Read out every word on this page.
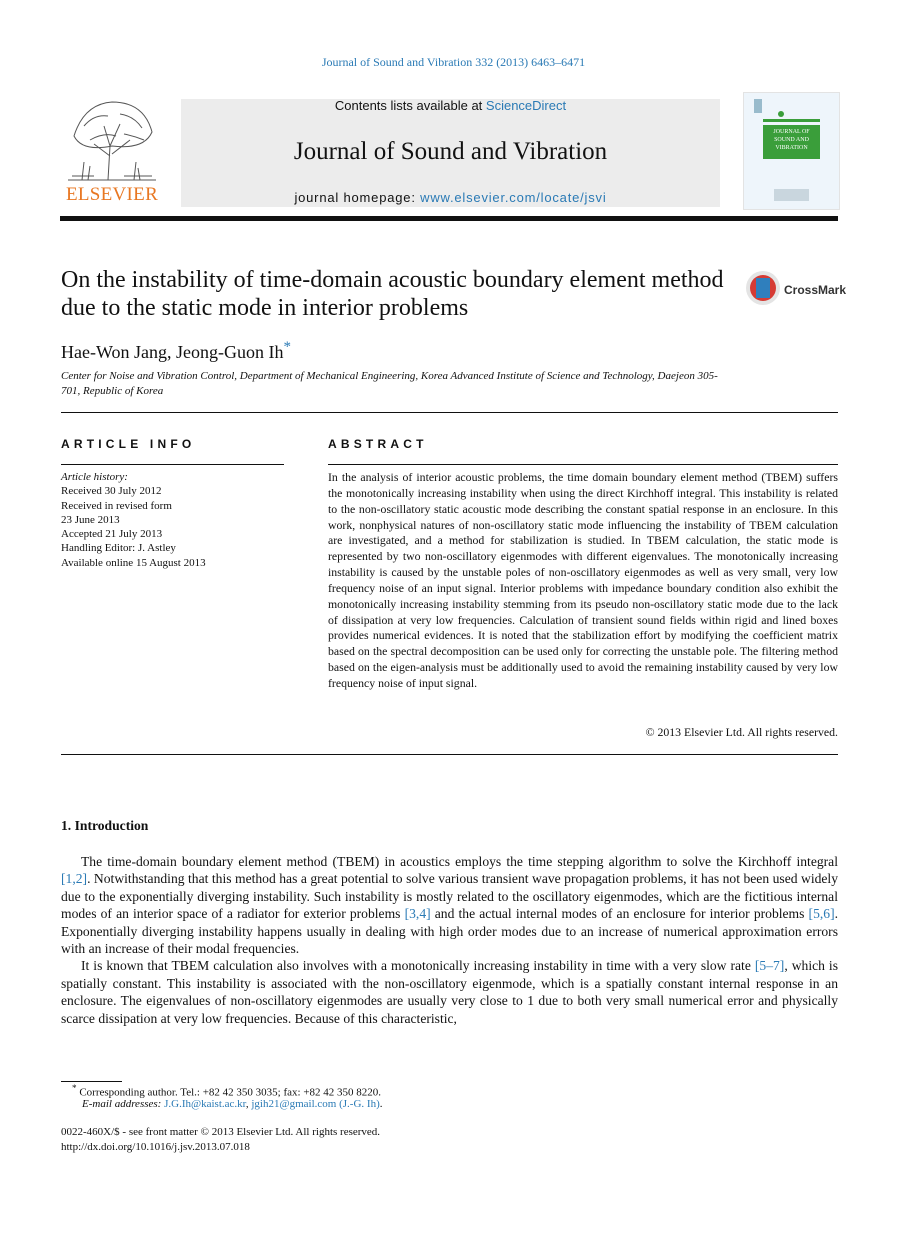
Journal of Sound and Vibration 332 (2013) 6463–6471
ELSEVIER
Contents lists available at ScienceDirect
Journal of Sound and Vibration
journal homepage: www.elsevier.com/locate/jsvi
JOURNAL OF SOUND AND VIBRATION
On the instability of time-domain acoustic boundary element method due to the static mode in interior problems
CrossMark
Hae-Won Jang, Jeong-Guon Ih*
Center for Noise and Vibration Control, Department of Mechanical Engineering, Korea Advanced Institute of Science and Technology, Daejeon 305-701, Republic of Korea
ARTICLE INFO
Article history:
Received 30 July 2012
Received in revised form
23 June 2013
Accepted 21 July 2013
Handling Editor: J. Astley
Available online 15 August 2013
ABSTRACT
In the analysis of interior acoustic problems, the time domain boundary element method (TBEM) suffers the monotonically increasing instability when using the direct Kirchhoff integral. This instability is related to the non-oscillatory static acoustic mode describing the constant spatial response in an enclosure. In this work, nonphysical natures of non-oscillatory static mode influencing the instability of TBEM calculation are investigated, and a method for stabilization is studied. In TBEM calculation, the static mode is represented by two non-oscillatory eigenmodes with different eigenvalues. The monotonically increasing instability is caused by the unstable poles of non-oscillatory eigenmodes as well as very small, very low frequency noise of an input signal. Interior problems with impedance boundary condition also exhibit the monotonically increasing instability stemming from its pseudo non-oscillatory static mode due to the lack of dissipation at very low frequencies. Calculation of transient sound fields within rigid and lined boxes provides numerical evidences. It is noted that the stabilization effort by modifying the coefficient matrix based on the spectral decomposition can be used only for correcting the unstable pole. The filtering method based on the eigen-analysis must be additionally used to avoid the remaining instability caused by very low frequency noise of input signal.
© 2013 Elsevier Ltd. All rights reserved.
1. Introduction

The time-domain boundary element method (TBEM) in acoustics employs the time stepping algorithm to solve the Kirchhoff integral [1,2]. Notwithstanding that this method has a great potential to solve various transient wave propagation problems, it has not been used widely due to the exponentially diverging instability. Such instability is mostly related to the oscillatory eigenmodes, which are the fictitious internal modes of an interior space of a radiator for exterior problems [3,4] and the actual internal modes of an enclosure for interior problems [5,6]. Exponentially diverging instability happens usually in dealing with high order modes due to an increase of numerical approximation errors with an increase of their modal frequencies.

It is known that TBEM calculation also involves with a monotonically increasing instability in time with a very slow rate [5–7], which is spatially constant. This instability is associated with the non-oscillatory eigenmode, which is a spatially constant internal response in an enclosure. The eigenvalues of non-oscillatory eigenmodes are usually very close to 1 due to both very small numerical error and physically scarce dissipation at very low frequencies. Because of this characteristic,

* Corresponding author. Tel.: +82 42 350 3035; fax: +82 42 350 8220.
E-mail addresses: J.G.Ih@kaist.ac.kr, jgih21@gmail.com (J.-G. Ih).
0022-460X/$ - see front matter © 2013 Elsevier Ltd. All rights reserved.
http://dx.doi.org/10.1016/j.jsv.2013.07.018
